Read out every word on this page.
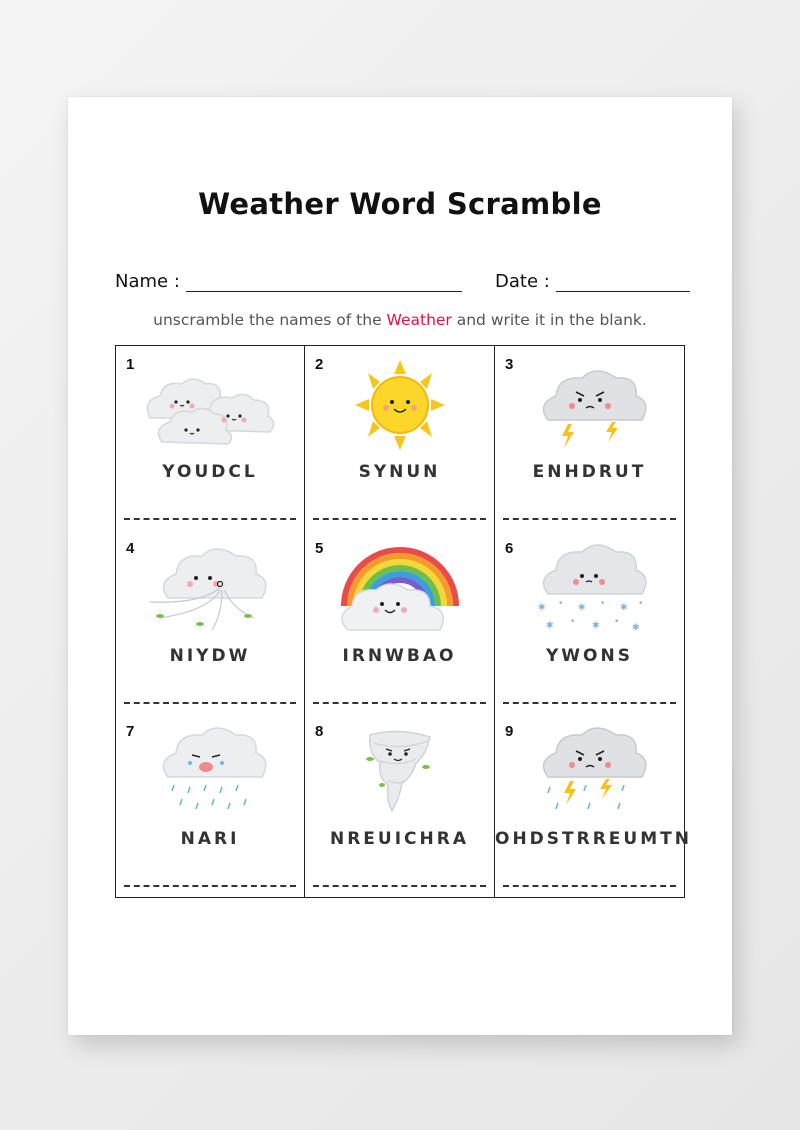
Weather Word Scramble
Name :	Date :
unscramble the names of the Weather and write it in the blank.
1
YOUDCL
2
SYNUN
3
ENHDRUT
4
NIYDW
5
IRNWBAO
6
✱ • ✱ • ✱ •
✱ • ✱ •
✱
YWONS
7
NARI
8
NREUICHRA
9
OHDSTRREUMTN
